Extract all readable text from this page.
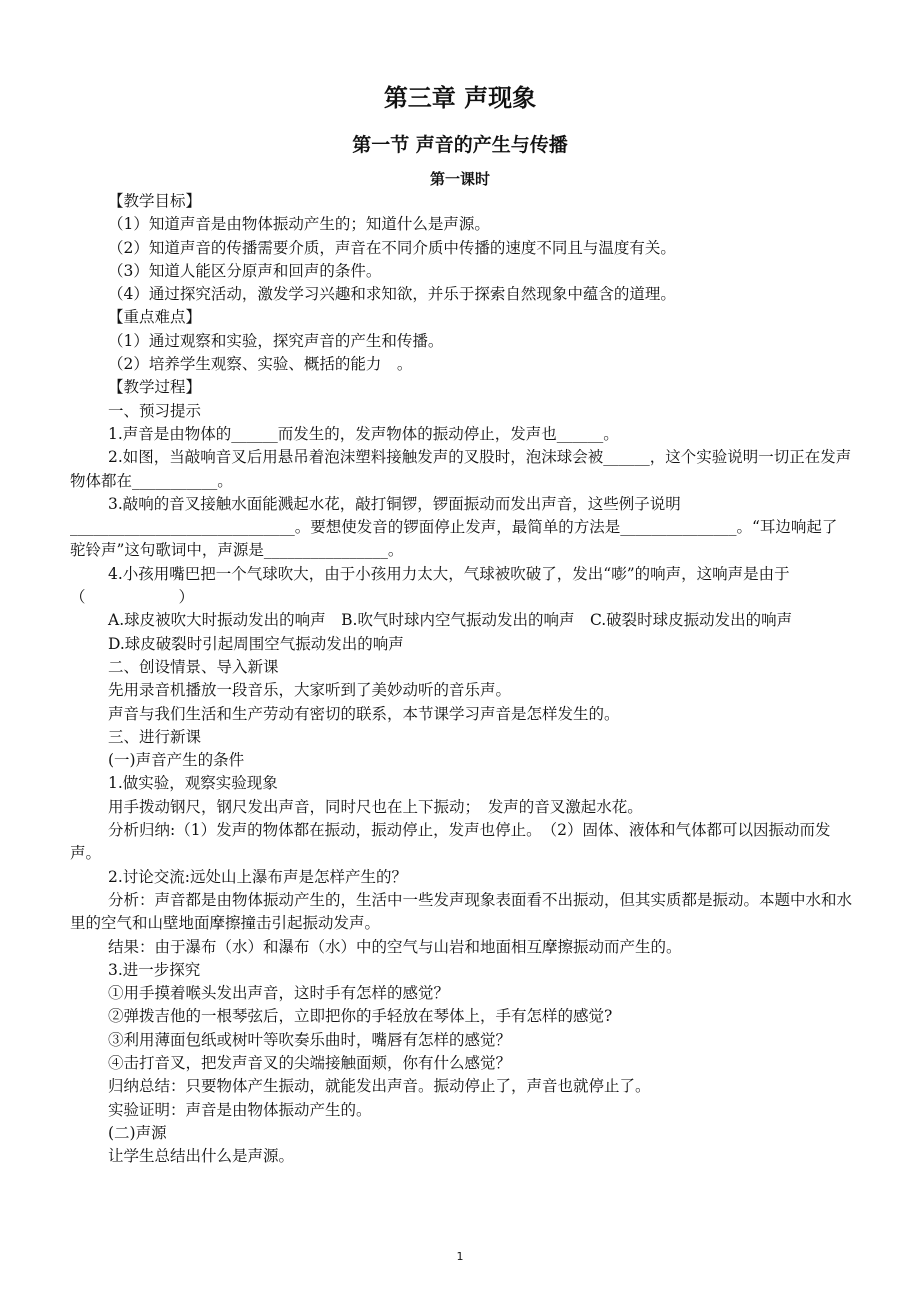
第三章 声现象
第一节 声音的产生与传播
第一课时

【教学目标】

（1）知道声音是由物体振动产生的；知道什么是声源。

（2）知道声音的传播需要介质，声音在不同介质中传播的速度不同且与温度有关。

（3）知道人能区分原声和回声的条件。

（4）通过探究活动，激发学习兴趣和求知欲，并乐于探索自然现象中蕴含的道理。

【重点难点】

（1）通过观察和实验，探究声音的产生和传播。

（2）培养学生观察、实验、概括的能力　。

【教学过程】

一、预习提示

1.声音是由物体的______而发生的，发声物体的振动停止，发声也______。

2.如图，当敲响音叉后用悬吊着泡沫塑料接触发声的叉股时，泡沫球会被______，这个实验说明一切正在发声物体都在___________。

3.敲响的音叉接触水面能溅起水花，敲打铜锣，锣面振动而发出声音，这些例子说明_____________________________。要想使发音的锣面停止发声，最简单的方法是_______________。“耳边响起了驼铃声”这句歌词中，声源是________________。

4.小孩用嘴巴把一个气球吹大，由于小孩用力太大，气球被吹破了，发出“嘭”的响声，这响声是由于（　　　　　　）

A.球皮被吹大时振动发出的响声　B.吹气时球内空气振动发出的响声　C.破裂时球皮振动发出的响声

D.球皮破裂时引起周围空气振动发出的响声

二、创设情景、导入新课

先用录音机播放一段音乐，大家听到了美妙动听的音乐声。

声音与我们生活和生产劳动有密切的联系，本节课学习声音是怎样发生的。

三、进行新课

(一)声音产生的条件

1.做实验，观察实验现象

用手拨动钢尺，钢尺发出声音，同时尺也在上下振动；　发声的音叉激起水花。

分析归纳:（1）发声的物体都在振动，振动停止，发声也停止。　（2）固体、液体和气体都可以因振动而发声。

2.讨论交流:远处山上瀑布声是怎样产生的？

分析：声音都是由物体振动产生的，生活中一些发声现象表面看不出振动，但其实质都是振动。本题中水和水里的空气和山壁地面摩擦撞击引起振动发声。

结果：由于瀑布（水）和瀑布（水）中的空气与山岩和地面相互摩擦振动而产生的。

3.进一步探究

①用手摸着喉头发出声音，这时手有怎样的感觉？

②弹拨吉他的一根琴弦后，立即把你的手轻放在琴体上，手有怎样的感觉?

③利用薄面包纸或树叶等吹奏乐曲时，嘴唇有怎样的感觉？

④击打音叉，把发声音叉的尖端接触面颊，你有什么感觉？

归纳总结：只要物体产生振动，就能发出声音。振动停止了，声音也就停止了。

实验证明：声音是由物体振动产生的。

(二)声源

让学生总结出什么是声源。

1
